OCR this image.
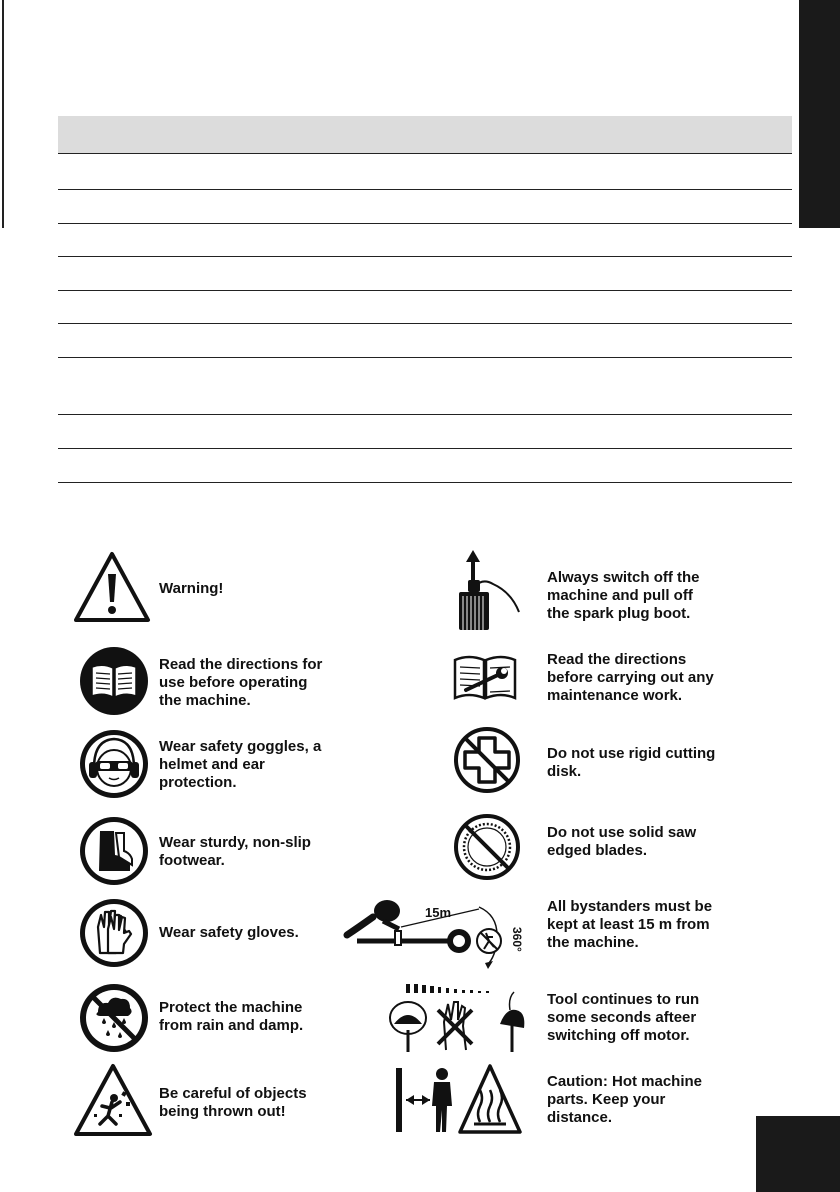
Warning!
Read the directions for
use before operating
the machine.
Wear safety goggles, a
helmet and ear
protection.
Wear sturdy, non-slip
footwear.
Wear safety gloves.
Protect the machine
from rain and damp.
Be careful of objects
being thrown out!
Always switch off the
machine and pull off
the spark plug boot.
Read the directions
before carrying out any
maintenance work.
Do not use rigid cutting
disk.
Do not use solid saw
edged blades.
15m
360°
All bystanders must be
kept at least 15 m from
the machine.
Tool continues to run
some seconds afteer
switching off motor.
Caution: Hot machine
parts. Keep your
distance.
